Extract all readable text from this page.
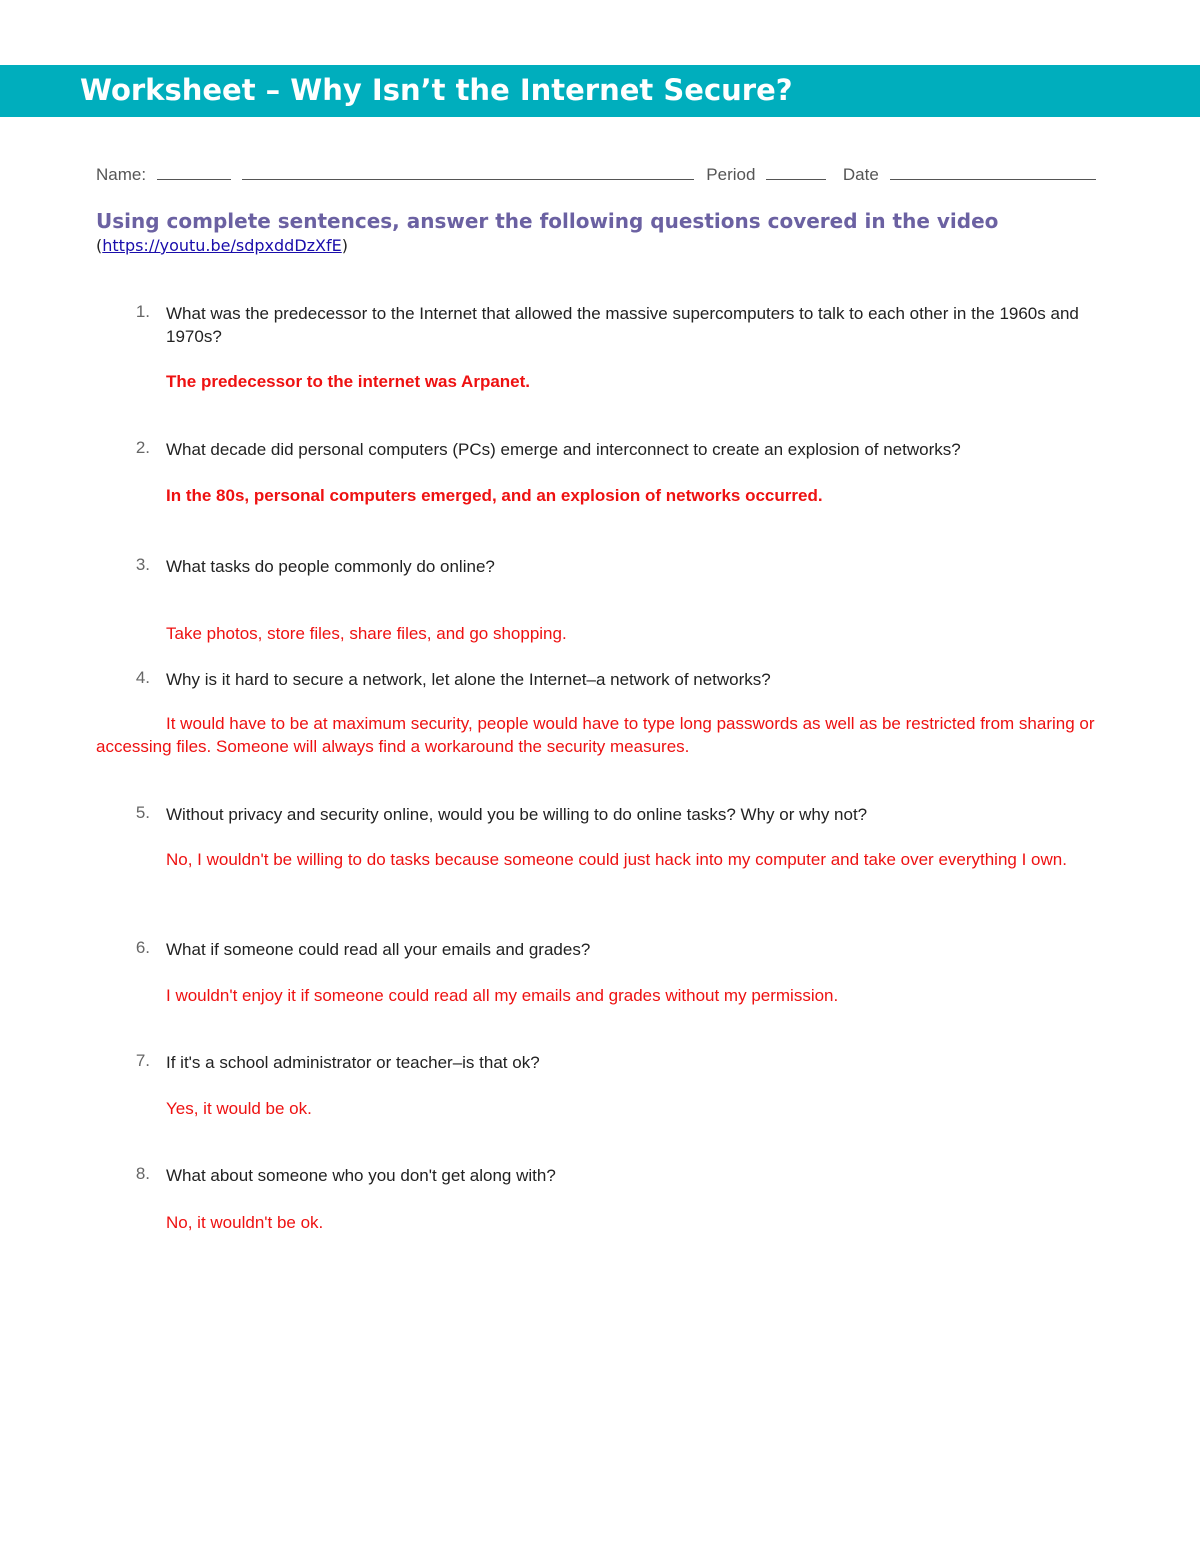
Worksheet – Why Isn’t the Internet Secure?
Name:	Period	Date
Using complete sentences, answer the following questions covered in the video
(https://youtu.be/sdpxddDzXfE)
1. What was the predecessor to the Internet that allowed the massive supercomputers to talk to each other in the 1960s and 1970s?
The predecessor to the internet was Arpanet.
2. What decade did personal computers (PCs) emerge and interconnect to create an explosion of networks?
In the 80s, personal computers emerged, and an explosion of networks occurred.
3. What tasks do people commonly do online?
Take photos, store files, share files, and go shopping.
4. Why is it hard to secure a network, let alone the Internet–a network of networks?
It would have to be at maximum security, people would have to type long passwords as well as be restricted from sharing or accessing files. Someone will always find a workaround the security measures.
5. Without privacy and security online, would you be willing to do online tasks? Why or why not?
No, I wouldn't be willing to do tasks because someone could just hack into my computer and take over everything I own.
6. What if someone could read all your emails and grades?
I wouldn't enjoy it if someone could read all my emails and grades without my permission.
7. If it's a school administrator or teacher–is that ok?
Yes, it would be ok.
8. What about someone who you don't get along with?
No, it wouldn't be ok.
